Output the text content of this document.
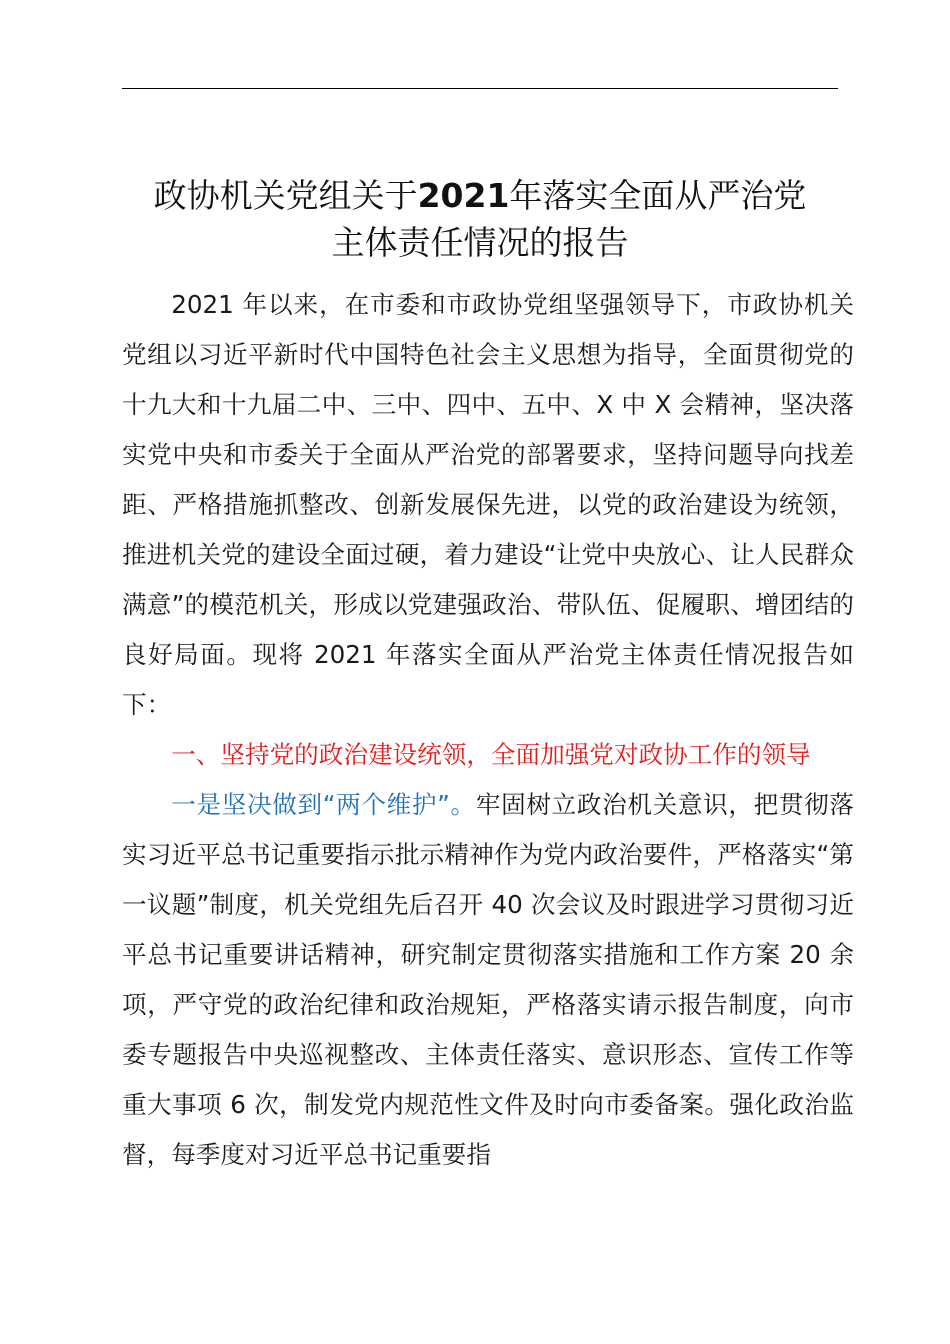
政协机关党组关于2021年落实全面从严治党
主体责任情况的报告

2021 年以来，在市委和市政协党组坚强领导下，市政协机关党组以习近平新时代中国特色社会主义思想为指导，全面贯彻党的十九大和十九届二中、三中、四中、五中、X 中 X 会精神，坚决落实党中央和市委关于全面从严治党的部署要求，坚持问题导向找差距、严格措施抓整改、创新发展保先进，以党的政治建设为统领，推进机关党的建设全面过硬，着力建设“让党中央放心、让人民群众满意”的模范机关，形成以党建强政治、带队伍、促履职、增团结的良好局面。现将 2021 年落实全面从严治党主体责任情况报告如下：

一、坚持党的政治建设统领，全面加强党对政协工作的领导

一是坚决做到“两个维护”。牢固树立政治机关意识，把贯彻落实习近平总书记重要指示批示精神作为党内政治要件，严格落实“第一议题”制度，机关党组先后召开 40 次会议及时跟进学习贯彻习近平总书记重要讲话精神，研究制定贯彻落实措施和工作方案 20 余项，严守党的政治纪律和政治规矩，严格落实请示报告制度，向市委专题报告中央巡视整改、主体责任落实、意识形态、宣传工作等重大事项 6 次，制发党内规范性文件及时向市委备案。强化政治监督，每季度对习近平总书记重要指
